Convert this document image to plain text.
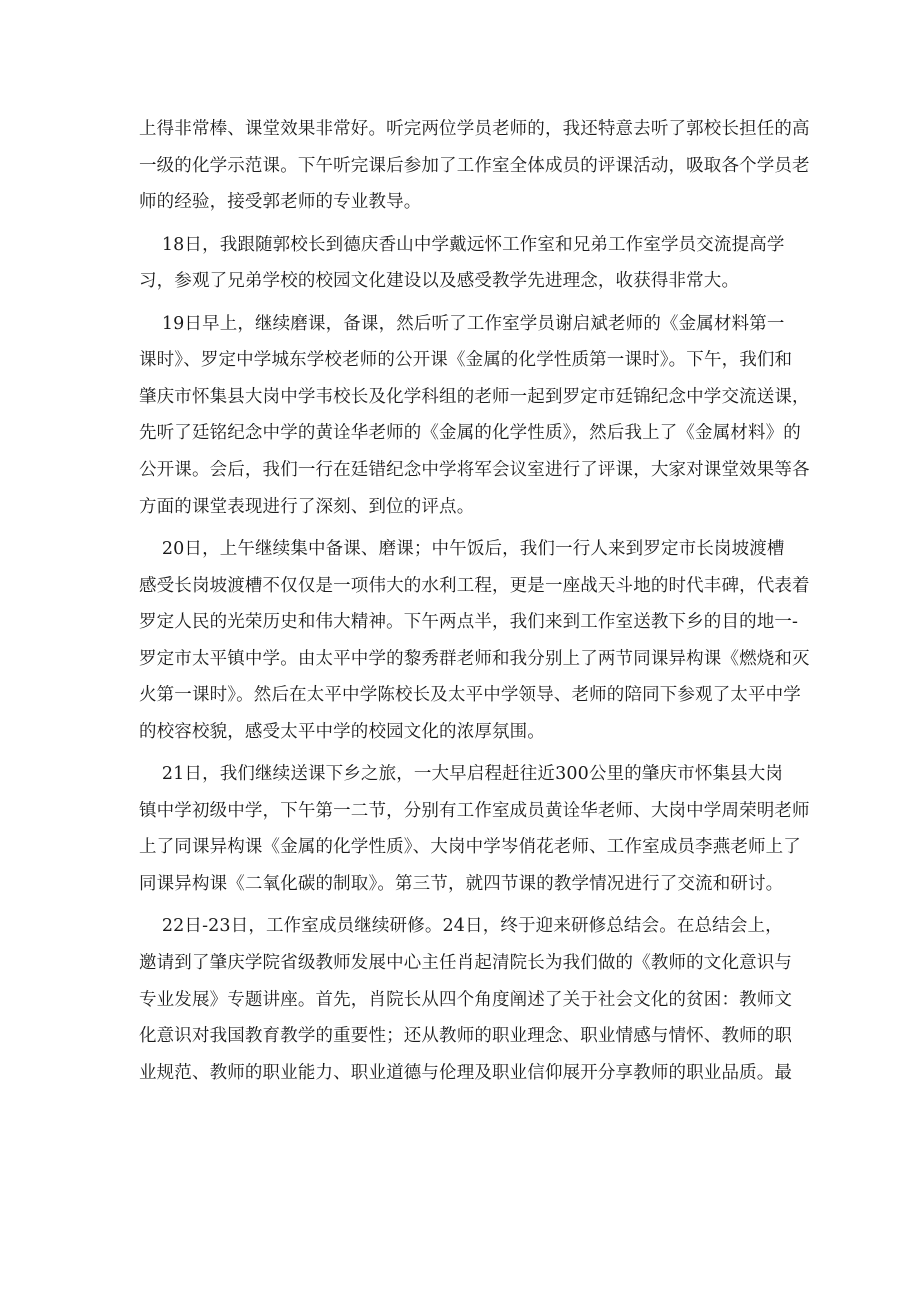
上得非常棒、课堂效果非常好。听完两位学员老师的，我还特意去听了郭校长担任的高
一级的化学示范课。下午听完课后参加了工作室全体成员的评课活动，吸取各个学员老
师的经验，接受郭老师的专业教导。
18日，我跟随郭校长到德庆香山中学戴远怀工作室和兄弟工作室学员交流提高学
习，参观了兄弟学校的校园文化建设以及感受教学先进理念，收获得非常大。
19日早上，继续磨课，备课，然后听了工作室学员谢启斌老师的《金属材料第一
课时》、罗定中学城东学校老师的公开课《金属的化学性质第一课时》。下午，我们和
肇庆市怀集县大岗中学韦校长及化学科组的老师一起到罗定市廷锦纪念中学交流送课，
先听了廷铭纪念中学的黄诠华老师的《金属的化学性质》，然后我上了《金属材料》的
公开课。会后，我们一行在廷错纪念中学将军会议室进行了评课，大家对课堂效果等各
方面的课堂表现进行了深刻、到位的评点。
20日，上午继续集中备课、磨课；中午饭后，我们一行人来到罗定市长岗坡渡槽
感受长岗坡渡槽不仅仅是一项伟大的水利工程，更是一座战天斗地的时代丰碑，代表着
罗定人民的光荣历史和伟大精神。下午两点半，我们来到工作室送教下乡的目的地一-
罗定市太平镇中学。由太平中学的黎秀群老师和我分别上了两节同课异构课《燃烧和灭
火第一课时》。然后在太平中学陈校长及太平中学领导、老师的陪同下参观了太平中学
的校容校貌，感受太平中学的校园文化的浓厚氛围。
21日，我们继续送课下乡之旅，一大早启程赶往近300公里的肇庆市怀集县大岗
镇中学初级中学，下午第一二节，分别有工作室成员黄诠华老师、大岗中学周荣明老师
上了同课异构课《金属的化学性质》、大岗中学岑俏花老师、工作室成员李燕老师上了
同课异构课《二氧化碳的制取》。第三节，就四节课的教学情况进行了交流和研讨。
22日-23日，工作室成员继续研修。24日，终于迎来研修总结会。在总结会上，
邀请到了肇庆学院省级教师发展中心主任肖起清院长为我们做的《教师的文化意识与
专业发展》专题讲座。首先，肖院长从四个角度阐述了关于社会文化的贫困：教师文
化意识对我国教育教学的重要性；还从教师的职业理念、职业情感与情怀、教师的职
业规范、教师的职业能力、职业道德与伦理及职业信仰展开分享教师的职业品质。最
